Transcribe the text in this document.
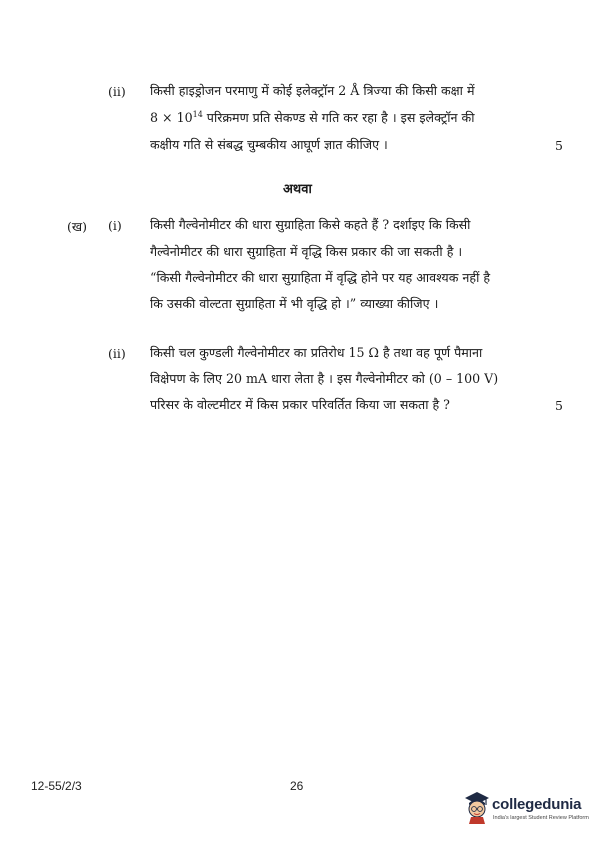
(ii) किसी हाइड्रोजन परमाणु में कोई इलेक्ट्रॉन 2 Å त्रिज्या की किसी कक्षा में
$8 \times 10^{14}$ परिक्रमण प्रति सेकण्ड से गति कर रहा है । इस इलेक्ट्रॉन की
कक्षीय गति से संबद्ध चुम्बकीय आघूर्ण ज्ञात कीजिए ।	5
अथवा
(ख) (i) किसी गैल्वेनोमीटर की धारा सुग्राहिता किसे कहते हैं ? दर्शाइए कि किसी
गैल्वेनोमीटर की धारा सुग्राहिता में वृद्धि किस प्रकार की जा सकती है ।
“किसी गैल्वेनोमीटर की धारा सुग्राहिता में वृद्धि होने पर यह आवश्यक नहीं है
कि उसकी वोल्टता सुग्राहिता में भी वृद्धि हो ।” व्याख्या कीजिए ।
(ii) किसी चल कुण्डली गैल्वेनोमीटर का प्रतिरोध 15 Ω है तथा वह पूर्ण पैमाना
विक्षेपण के लिए 20 mA धारा लेता है । इस गैल्वेनोमीटर को (0 – 100 V)
परिसर के वोल्टमीटर में किस प्रकार परिवर्तित किया जा सकता है ?	5
12-55/2/3	26
collegedunia
India's largest Student Review Platform
